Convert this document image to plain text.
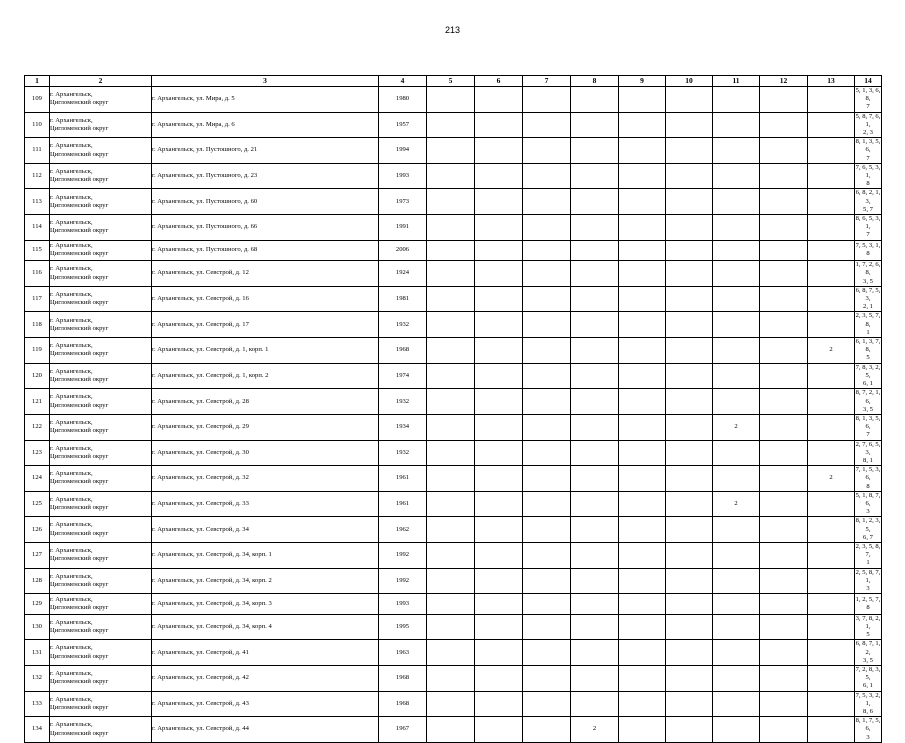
213
1	2	3	4	5	6	7	8	9	10	11	12	13	14
109	г. Архангельск,
Цигломенский округ	г. Архангельск, ул. Мира, д. 5	1980										5, 1, 3, 6, 8,
7

110	г. Архангельск,
Цигломенский округ	г. Архангельск, ул. Мира, д. 6	1957										5, 8, 7, 6, 1,
2, 3

111	г. Архангельск,
Цигломенский округ	г. Архангельск, ул. Пустошного, д. 21	1994										8, 1, 3, 5, 6,
7

112	г. Архангельск,
Цигломенский округ	г. Архангельск, ул. Пустошного, д. 23	1993										7, 6, 5, 3, 1,
8

113	г. Архангельск,
Цигломенский округ	г. Архангельск, ул. Пустошного, д. 60	1973										6, 8, 2, 1, 3,
5, 7

114	г. Архангельск,
Цигломенский округ	г. Архангельск, ул. Пустошного, д. 66	1991										8, 6, 5, 3, 1,
7

115	г. Архангельск,
Цигломенский округ	г. Архангельск, ул. Пустошного, д. 68	2006										7, 5, 3, 1, 8

116	г. Архангельск,
Цигломенский округ	г. Архангельск, ул. Севстрой, д. 12	1924										1, 7, 2, 6, 8,
3, 5

117	г. Архангельск,
Цигломенский округ	г. Архангельск, ул. Севстрой, д. 16	1981										6, 8, 7, 5, 3,
2, 1

118	г. Архангельск,
Цигломенский округ	г. Архангельск, ул. Севстрой, д. 17	1932										2, 3, 5, 7, 8,
1

119	г. Архангельск,
Цигломенский округ	г. Архангельск, ул. Севстрой, д. 1, корп. 1	1968									2	6, 1, 3, 7, 8,
5

120	г. Архангельск,
Цигломенский округ	г. Архангельск, ул. Севстрой, д. 1, корп. 2	1974										7, 8, 3, 2, 5,
6, 1

121	г. Архангельск,
Цигломенский округ	г. Архангельск, ул. Севстрой, д. 28	1932										8, 7, 2, 1, 6,
3, 5

122	г. Архангельск,
Цигломенский округ	г. Архангельск, ул. Севстрой, д. 29	1934							2			8, 1, 3, 5, 6,
7

123	г. Архангельск,
Цигломенский округ	г. Архангельск, ул. Севстрой, д. 30	1932										2, 7, 6, 5, 3,
8, 1

124	г. Архангельск,
Цигломенский округ	г. Архангельск, ул. Севстрой, д. 32	1961									2	7, 1, 5, 3, 6,
8

125	г. Архангельск,
Цигломенский округ	г. Архангельск, ул. Севстрой, д. 33	1961							2			5, 1, 8, 7, 6,
3

126	г. Архангельск,
Цигломенский округ	г. Архангельск, ул. Севстрой, д. 34	1962										8, 1, 2, 3, 5,
6, 7

127	г. Архангельск,
Цигломенский округ	г. Архангельск, ул. Севстрой, д. 34, корп. 1	1992										2, 3, 5, 8, 7,
1

128	г. Архангельск,
Цигломенский округ	г. Архангельск, ул. Севстрой, д. 34, корп. 2	1992										2, 5, 8, 7, 1,
3

129	г. Архангельск,
Цигломенский округ	г. Архангельск, ул. Севстрой, д. 34, корп. 3	1993										1, 2, 5, 7, 8

130	г. Архангельск,
Цигломенский округ	г. Архангельск, ул. Севстрой, д. 34, корп. 4	1995										3, 7, 8, 2, 1,
5

131	г. Архангельск,
Цигломенский округ	г. Архангельск, ул. Севстрой, д. 41	1963										6, 8, 7, 1, 2,
3, 5

132	г. Архангельск,
Цигломенский округ	г. Архангельск, ул. Севстрой, д. 42	1968										7, 2, 8, 3, 5,
6, 1

133	г. Архангельск,
Цигломенский округ	г. Архангельск, ул. Севстрой, д. 43	1968										7, 5, 3, 2, 1,
8, 6

134	г. Архангельск,
Цигломенский округ	г. Архангельск, ул. Севстрой, д. 44	1967				2						8, 1, 7, 5, 6,
3
